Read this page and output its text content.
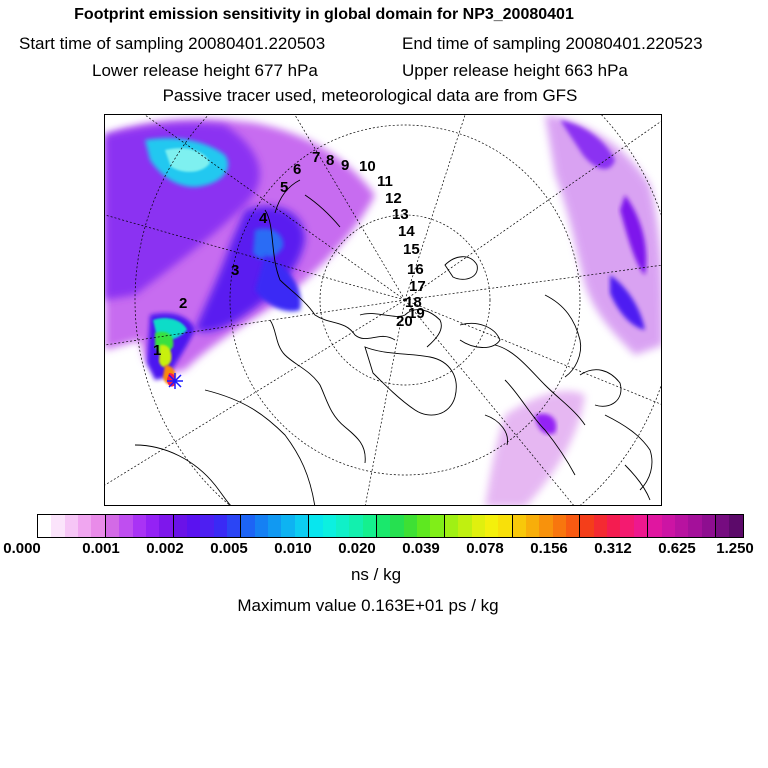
Footprint emission sensitivity in global domain for NP3_20080401
Start time of sampling 20080401.220503	End time of sampling 20080401.220523
Lower release height 677 hPa	Upper release height 663 hPa
Passive tracer used, meteorological data are from GFS
1
2
3
4
5
6
7 8 9 10
11
12
13
14
15
16
17
18
19
20
0.000	0.001 0.002 0.005 0.010 0.020 0.039 0.078 0.156 0.312 0.625 1.250
ns / kg
Maximum value 0.163E+01 ps / kg
